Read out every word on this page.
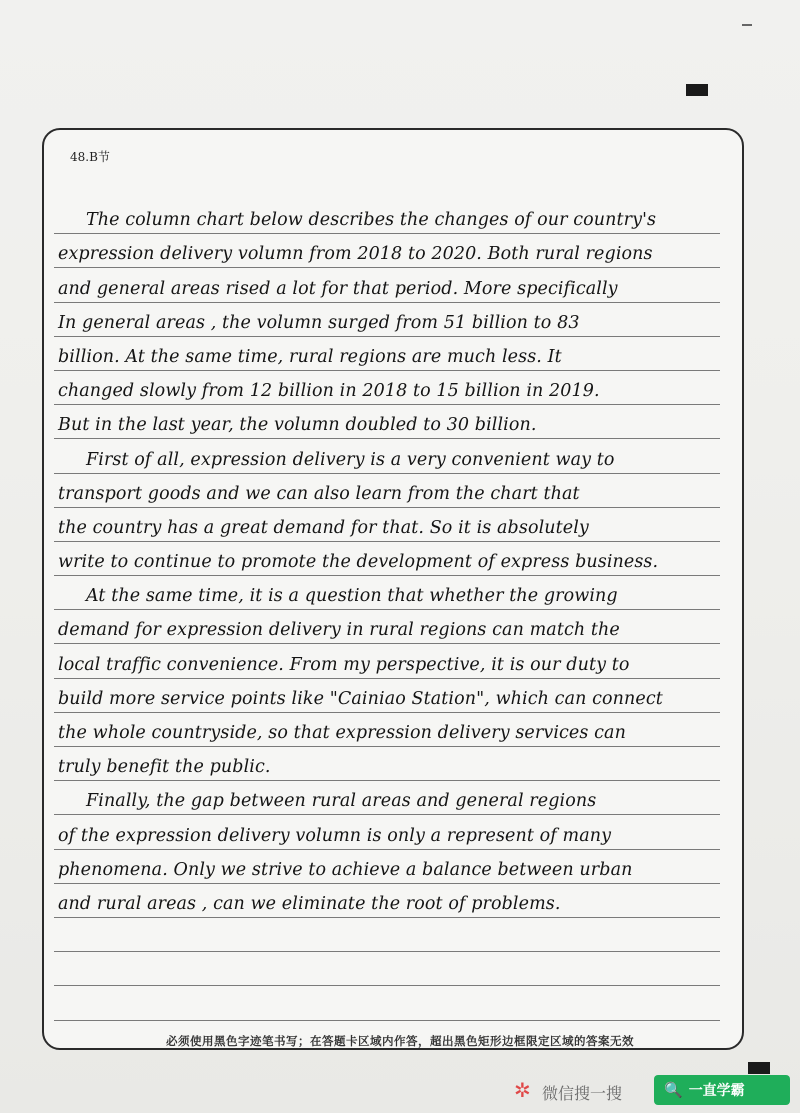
48.B节
The column chart below describes the changes of our country's
expression delivery volumn from 2018 to 2020. Both rural regions
and general areas rised a lot for that period. More specifically
In general areas , the volumn surged from 51 billion to 83
billion. At the same time, rural regions are much less. It
changed slowly from 12 billion in 2018 to 15 billion in 2019.
But in the last year, the volumn doubled to 30 billion.
First of all, expression delivery is a very convenient way to
transport goods and we can also learn from the chart that
the country has a great demand for that. So it is absolutely
write to continue to promote the development of express business.
At the same time, it is a question that whether the growing
demand for expression delivery in rural regions can match the
local traffic convenience. From my perspective, it is our duty to
build more service points like "Cainiao Station", which can connect
the whole countryside, so that expression delivery services can
truly benefit the public.
Finally, the gap between rural areas and general regions
of the expression delivery volumn is only a represent of many
phenomena. Only we strive to achieve a balance between urban
and rural areas , can we eliminate the root of problems.
必须使用黑色字迹笔书写；在答题卡区域内作答，超出黑色矩形边框限定区域的答案无效
✲ 微信搜一搜	🔍 一直学霸
